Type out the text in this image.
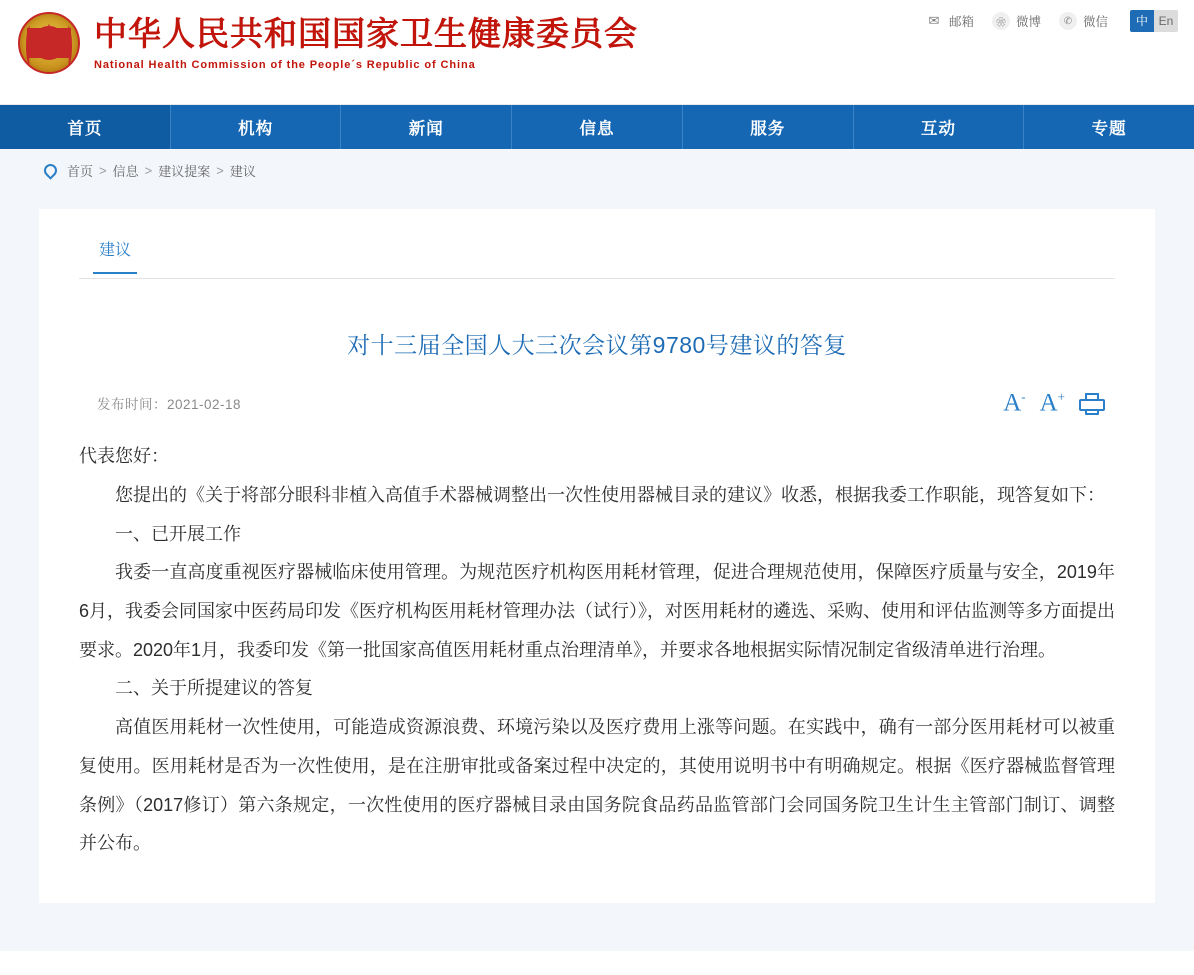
★ 中华人民共和国国家卫生健康委员会
National Health Commission of the People´s Republic of China
✉ 邮箱	❀ 微博	✆ 微信	中 En
首页	机构	新闻	信息	服务	互动	专题
首页 > 信息 > 建议提案 > 建议
建议
对十三届全国人大三次会议第9780号建议的答复
发布时间：2021-02-18	A- A+

代表您好：

您提出的《关于将部分眼科非植入高值手术器械调整出一次性使用器械目录的建议》收悉，根据我委工作职能，现答复如下：

一、已开展工作

我委一直高度重视医疗器械临床使用管理。为规范医疗机构医用耗材管理，促进合理规范使用，保障医疗质量与安全，2019年6月，我委会同国家中医药局印发《医疗机构医用耗材管理办法（试行）》，对医用耗材的遴选、采购、使用和评估监测等多方面提出要求。2020年1月，我委印发《第一批国家高值医用耗材重点治理清单》，并要求各地根据实际情况制定省级清单进行治理。

二、关于所提建议的答复

高值医用耗材一次性使用，可能造成资源浪费、环境污染以及医疗费用上涨等问题。在实践中，确有一部分医用耗材可以被重复使用。医用耗材是否为一次性使用，是在注册审批或备案过程中决定的，其使用说明书中有明确规定。根据《医疗器械监督管理条例》（2017修订）第六条规定，一次性使用的医疗器械目录由国务院食品药品监管部门会同国务院卫生计生主管部门制订、调整并公布。
